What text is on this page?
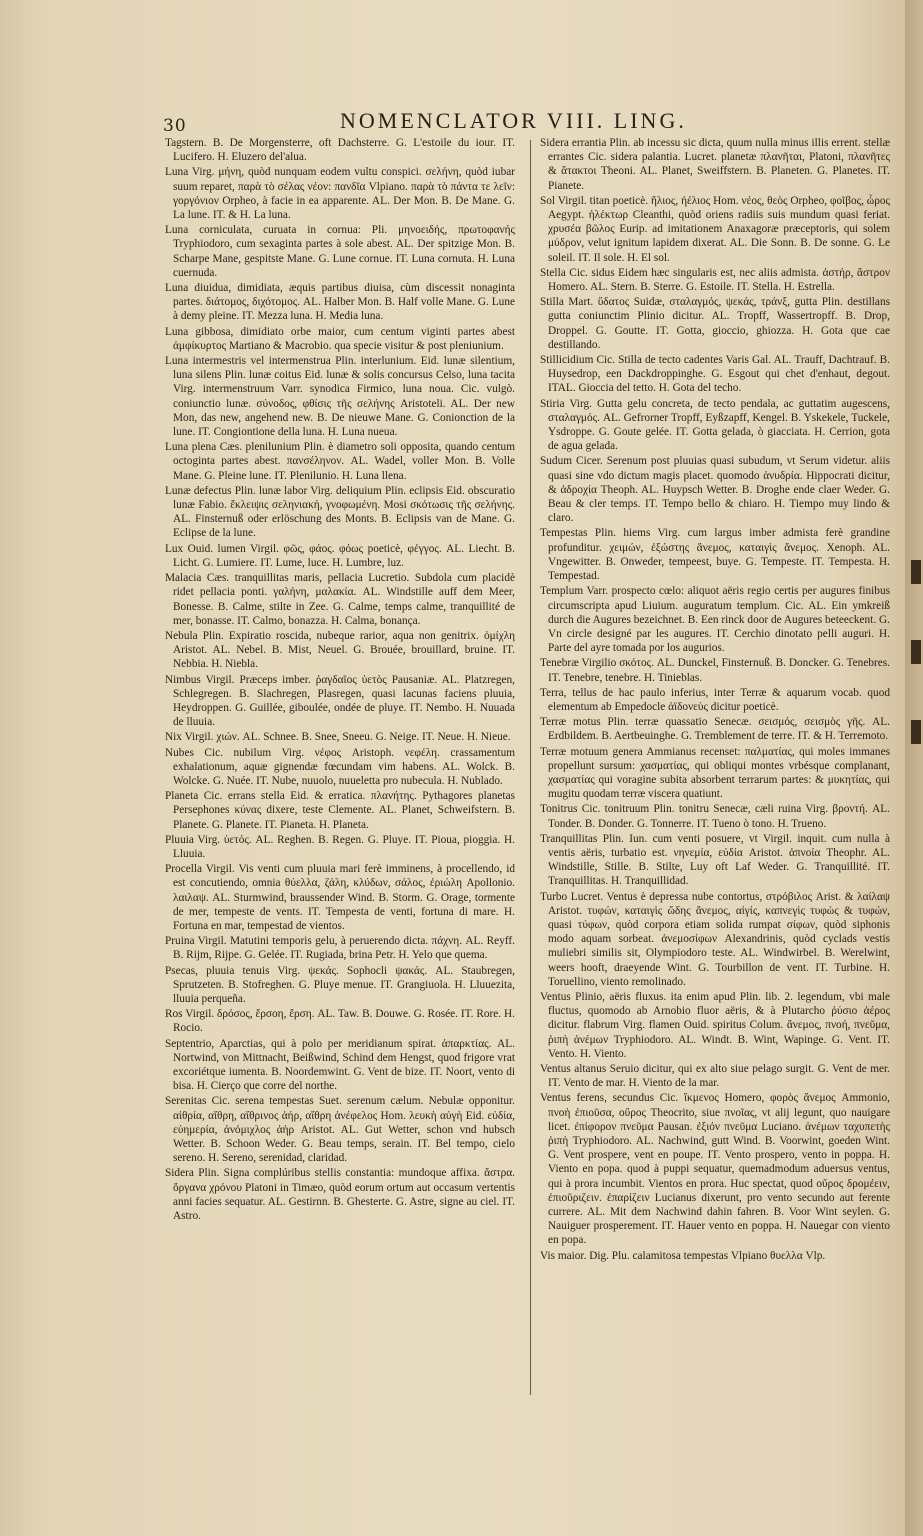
30	NOMENCLATOR VIII. LING.

Tagstern. B. De Morgensterre, oft Dachsterre. G. L'estoile du iour. IT. Lucifero. H. Eluzero del'alua.

Luna Virg. μήνη, quòd nunquam eodem vultu conspici. σελήνη, quòd iubar suum reparet, παρὰ τὸ σέλας νέον: πανδῖα Vlpiano. παρὰ τὸ πάντα τε λεῖν: γοργόνιον Orpheo, à facie in ea apparente. AL. Der Mon. B. De Mane. G. La lune. IT. & H. La luna.

Luna corniculata, curuata in cornua: Pli. μηνοειδής, πρωτοφανής Tryphiodoro, cum sexaginta partes à sole abest. AL. Der spitzige Mon. B. Scharpe Mane, gespitste Mane. G. Lune cornue. IT. Luna cornuta. H. Luna cuernuda.

Luna diuidua, dimidiata, æquis partibus diuisa, cùm discessit nonaginta partes. διάτομος, διχότομος. AL. Halber Mon. B. Half volle Mane. G. Lune à demy pleine. IT. Mezza luna. H. Media luna.

Luna gibbosa, dimidiato orbe maior, cum centum viginti partes abest ἀμφίκυρτος Martiano & Macrobio. qua specie visitur & post pleniunium.

Luna intermestris vel intermenstrua Plin. interlunium. Eid. lunæ silentium, luna silens Plin. lunæ coitus Eid. lunæ & solis concursus Celso, luna tacita Virg. intermenstruum Varr. synodica Firmico, luna noua. Cic. vulgò. coniunctio lunæ. σύνοδος, φθίσις τῆς σελήνης Aristoteli. AL. Der new Mon, das new, angehend new. B. De nieuwe Mane. G. Conionction de la lune. IT. Congiontione della luna. H. Luna nueua.

Luna plena Cæs. plenilunium Plin. è diametro soli opposita, quando centum octoginta partes abest. πανσέληνον. AL. Wadel, voller Mon. B. Volle Mane. G. Pleine lune. IT. Plenilunio. H. Luna llena.

Lunæ defectus Plin. lunæ labor Virg. deliquium Plin. eclipsis Eid. obscuratio lunæ Fabio. ἔκλειψις σεληνιακή, γνοφωμένη. Mosi σκότωσις τῆς σελήνης. AL. Finsternuß oder erlöschung des Monts. B. Eclipsis van de Mane. G. Eclipse de la lune.

Lux Ouid. lumen Virgil. φῶς, φάος. φόως poeticè, φέγγος. AL. Liecht. B. Licht. G. Lumiere. IT. Lume, luce. H. Lumbre, luz.

Malacia Cæs. tranquillitas maris, pellacia Lucretio. Subdola cum placidè ridet pellacia ponti. γαλήνη, μαλακία. AL. Windstille auff dem Meer, Bonesse. B. Calme, stilte in Zee. G. Calme, temps calme, tranquillité de mer, bonasse. IT. Calmo, bonazza. H. Calma, bonança.

Nebula Plin. Expiratio roscida, nubeque rarior, aqua non genitrix. ὀμίχλη Aristot. AL. Nebel. B. Mist, Neuel. G. Brouée, brouillard, bruine. IT. Nebbia. H. Niebla.

Nimbus Virgil. Præceps imber. ῥαγδαῖος ὑετὸς Pausaniæ. AL. Platzregen, Schlegregen. B. Slachregen, Plasregen, quasi lacunas faciens pluuia, Heydroppen. G. Guillée, giboulée, ondée de pluye. IT. Nembo. H. Nuuada de lluuia.

Nix Virgil. χιών. AL. Schnee. B. Snee, Sneeu. G. Neige. IT. Neue. H. Nieue.

Nubes Cic. nubilum Virg. νέφος Aristoph. νεφέλη. crassamentum exhalationum, aquæ gignendæ fœcundam vim habens. AL. Wolck. B. Wolcke. G. Nuée. IT. Nube, nuuolo, nuueletta pro nubecula. H. Nublado.

Planeta Cic. errans stella Eid. & erratica. πλανήτης. Pythagores planetas Persephones κύνας dixere, teste Clemente. AL. Planet, Schweifstern. B. Planete. G. Planete. IT. Pianeta. H. Planeta.

Pluuia Virg. ὑετός. AL. Reghen. B. Regen. G. Pluye. IT. Pioua, pioggia. H. Lluuia.

Procella Virgil. Vis venti cum pluuia mari ferè imminens, à procellendo, id est concutiendo, omnia θύελλα, ζάλη, κλύδων, σάλος, ἐριώλη Apollonio. λαιλαψ. AL. Sturmwind, braussender Wind. B. Storm. G. Orage, tormente de mer, tempeste de vents. IT. Tempesta de venti, fortuna di mare. H. Fortuna en mar, tempestad de vientos.

Pruina Virgil. Matutini temporis gelu, à peruerendo dicta. πάχνη. AL. Reyff. B. Rijm, Rijpe. G. Gelée. IT. Rugiada, brina Petr. H. Yelo que quema.

Psecas, pluuia tenuis Virg. ψεκάς. Sophocli ψακάς. AL. Staubregen, Sprutzeten. B. Stofreghen. G. Pluye menue. IT. Grangiuola. H. Lluuezita, lluuia perqueña.

Ros Virgil. δρόσος, ἔρσοη, ἔρση. AL. Taw. B. Douwe. G. Rosée. IT. Rore. H. Rocio.

Septentrio, Aparctias, qui à polo per meridianum spirat. ἀπαρκτίας. AL. Nortwind, von Mittnacht, Beißwind, Schind dem Hengst, quod frigore vrat excoriétque iumenta. B. Noordemwint. G. Vent de bize. IT. Noort, vento di bisa. H. Cierço que corre del northe.

Serenitas Cic. serena tempestas Suet. serenum cælum. Nebulæ opponitur. αἰθρία, αἴθρη, αἴθρινος ἀήρ, αἴθρη ἀνέφελος Hom. λευκὴ αὐγὴ Eid. εὐδία, εὐημερία, ἀνόμιχλος ἀὴρ Aristot. AL. Gut Wetter, schon vnd hubsch Wetter. B. Schoon Weder. G. Beau temps, serain. IT. Bel tempo, cielo sereno. H. Sereno, serenidad, claridad.

Sidera Plin. Signa complúribus stellis constantia: mundoque affixa. ἄστρα. ὄργανα χρόνου Platoni in Timæo, quòd eorum ortum aut occasum vertentis anni facies sequatur. AL. Gestirnn. B. Ghesterte. G. Astre, signe au ciel. IT. Astro.

Sidera errantia Plin. ab incessu sic dicta, quum nulla minus illis errent. stellæ errantes Cic. sidera palantia. Lucret. planetæ πλανῆται, Platoni, πλανῆτες & ἄτακτοι Theoni. AL. Planet, Sweiffstern. B. Planeten. G. Planetes. IT. Pianete.

Sol Virgil. titan poeticè. ἥλιος, ἠέλιος Hom. νέος, θεὸς Orpheo, φοῖβος, ὧρος Aegypt. ἠλέκτωρ Cleanthi, quòd oriens radiis suis mundum quasi feriat. χρυσέα βῶλος Eurip. ad imitationem Anaxagoræ præceptoris, qui solem μύδρον, velut ignitum lapidem dixerat. AL. Die Sonn. B. De sonne. G. Le soleil. IT. Il sole. H. El sol.

Stella Cic. sidus Eidem hæc singularis est, nec aliis admista. ἀστήρ, ἄστρον Homero. AL. Stern. B. Sterre. G. Estoile. IT. Stella. H. Estrella.

Stilla Mart. ὕδατος Suidæ, σταλαγμός, ψεκάς, τράνξ, gutta Plin. destillans gutta coniunctim Plinio dicitur. AL. Tropff, Wassertropff. B. Drop, Droppel. G. Goutte. IT. Gotta, gioccio, ghiozza. H. Gota que cae destillando.

Stillicidium Cic. Stilla de tecto cadentes Varis Gal. AL. Trauff, Dachtrauf. B. Huysedrop, een Dackdroppinghe. G. Esgout qui chet d'enhaut, degout. ITAL. Gioccia del tetto. H. Gota del techo.

Stiria Virg. Gutta gelu concreta, de tecto pendala, ac guttatim augescens, σταλαγμός. AL. Gefrorner Tropff, Eyßzapff, Kengel. B. Yskekele, Tuckele, Ysdroppe. G. Goute gelée. IT. Gotta gelada, ò giacciata. H. Cerrion, gota de agua gelada.

Sudum Cicer. Serenum post pluuias quasi subudum, vt Serum videtur. aliis quasi sine vdo dictum magis placet. quomodo ἀνυδρία. Hippocrati dicitur, & ἀδροχία Theoph. AL. Huypsch Wetter. B. Droghe ende claer Weder. G. Beau & cler temps. IT. Tempo bello & chiaro. H. Tiempo muy lindo & claro.

Tempestas Plin. hiems Virg. cum largus imber admista ferè grandine profunditur. χειμών, ἐξώστης ἄνεμος, καταιγὶς ἄνεμος. Xenoph. AL. Vngewitter. B. Onweder, tempeest, buye. G. Tempeste. IT. Tempesta. H. Tempestad.

Templum Varr. prospecto cœlo: aliquot aëris regio certis per augures finibus circumscripta apud Liuium. auguratum templum. Cic. AL. Ein ymkreiß durch die Augures bezeichnet. B. Een rinck door de Augures beteeckent. G. Vn circle designé par les augures. IT. Cerchio dinotato pelli auguri. H. Parte del ayre tomada por los augurios.

Tenebræ Virgilio σκότος. AL. Dunckel, Finsternuß. B. Doncker. G. Tenebres. IT. Tenebre, tenebre. H. Tinieblas.

Terra, tellus de hac paulo inferius, inter Terræ & aquarum vocab. quod elementum ab Empedocle ἀϊδονεὺς dicitur poeticè.

Terræ motus Plin. terræ quassatio Senecæ. σεισμός, σεισμὸς γῆς. AL. Erdbildem. B. Aertbeuinghe. G. Tremblement de terre. IT. & H. Terremoto.

Terræ motuum genera Ammianus recenset: παλματίας, qui moles immanes propellunt sursum: χασματίας, qui obliqui montes vrbésque complanant, χασματίας qui voragine subita absorbent terrarum partes: & μυκητίας, qui mugitu quodam terræ viscera quatiunt.

Tonitrus Cic. tonitruum Plin. tonitru Senecæ, cæli ruina Virg. βροντή. AL. Tonder. B. Donder. G. Tonnerre. IT. Tueno ò tono. H. Trueno.

Tranquillitas Plin. Iun. cum venti posuere, vt Virgil. inquit. cum nulla à ventis aëris, turbatio est. νηνεμία, εὐδία Aristot. ἀπνοία Theophr. AL. Windstille, Stille. B. Stilte, Luy oft Laf Weder. G. Tranquillité. IT. Tranquillitas. H. Tranquillidad.

Turbo Lucret. Ventus è depressa nube contortus, στρόβιλος Arist. & λαίλαψ Aristot. τυφών, καταιγὶς ὥδης ἄνεμος, αἰγίς, καπνεγὶς τυφὼς & τυφών, quasi τύφων, quòd corpora etiam solida rumpat σίφων, quòd siphonis modo aquam sorbeat. ἀνεμοσίφων Alexandrinis, quòd cyclads vestis muliebri similis sit, Olympiodoro teste. AL. Windwirbel. B. Werelwint, weers hooft, draeyende Wint. G. Tourbillon de vent. IT. Turbine. H. Toruellino, viento remolinado.

Ventus Plinio, aëris fluxus. ita enim apud Plin. lib. 2. legendum, vbi male fluctus, quomodo ab Arnobio fluor aëris, & à Plutarcho ῥύσιο ἀέρος dicitur. flabrum Virg. flamen Ouid. spiritus Colum. ἄνεμος, πνοή, πνεῦμα, ῥιπὴ ἀνέμων Tryphiodoro. AL. Windt. B. Wint, Wapinge. G. Vent. IT. Vento. H. Viento.

Ventus altanus Seruio dicitur, qui ex alto siue pelago surgit. G. Vent de mer. IT. Vento de mar. H. Viento de la mar.

Ventus ferens, secundus Cic. ἴκμενος Homero, φορὸς ἄνεμος Ammonio, πνοὴ ἐπιοῦσα, οὔρος Theocrito, siue πνοῖας, vt alij legunt, quo nauigare licet. ἐπίφορον πνεῦμα Pausan. ἐξιόν πνεῦμα Luciano. ἀνέμων ταχυπετὴς ῥιπὴ Tryphiodoro. AL. Nachwind, gutt Wind. B. Voorwint, goeden Wint. G. Vent prospere, vent en poupe. IT. Vento prospero, vento in poppa. H. Viento en popa. quod à puppi sequatur, quemadmodum aduersus ventus, qui à prora incumbit. Vientos en prora. Huc spectat, quod οὔρος δρομέειν, ἐπιοῦριζειν. ἐπαρίζειν Lucianus dixerunt, pro vento secundo aut ferente currere. AL. Mit dem Nachwind dahin fahren. B. Voor Wint seylen. G. Nauiguer prosperement. IT. Hauer vento en poppa. H. Nauegar con viento en popa.

Vis maior. Dig. Plu. calamitosa tempestas Vlpiano θυελλα Vlp.
